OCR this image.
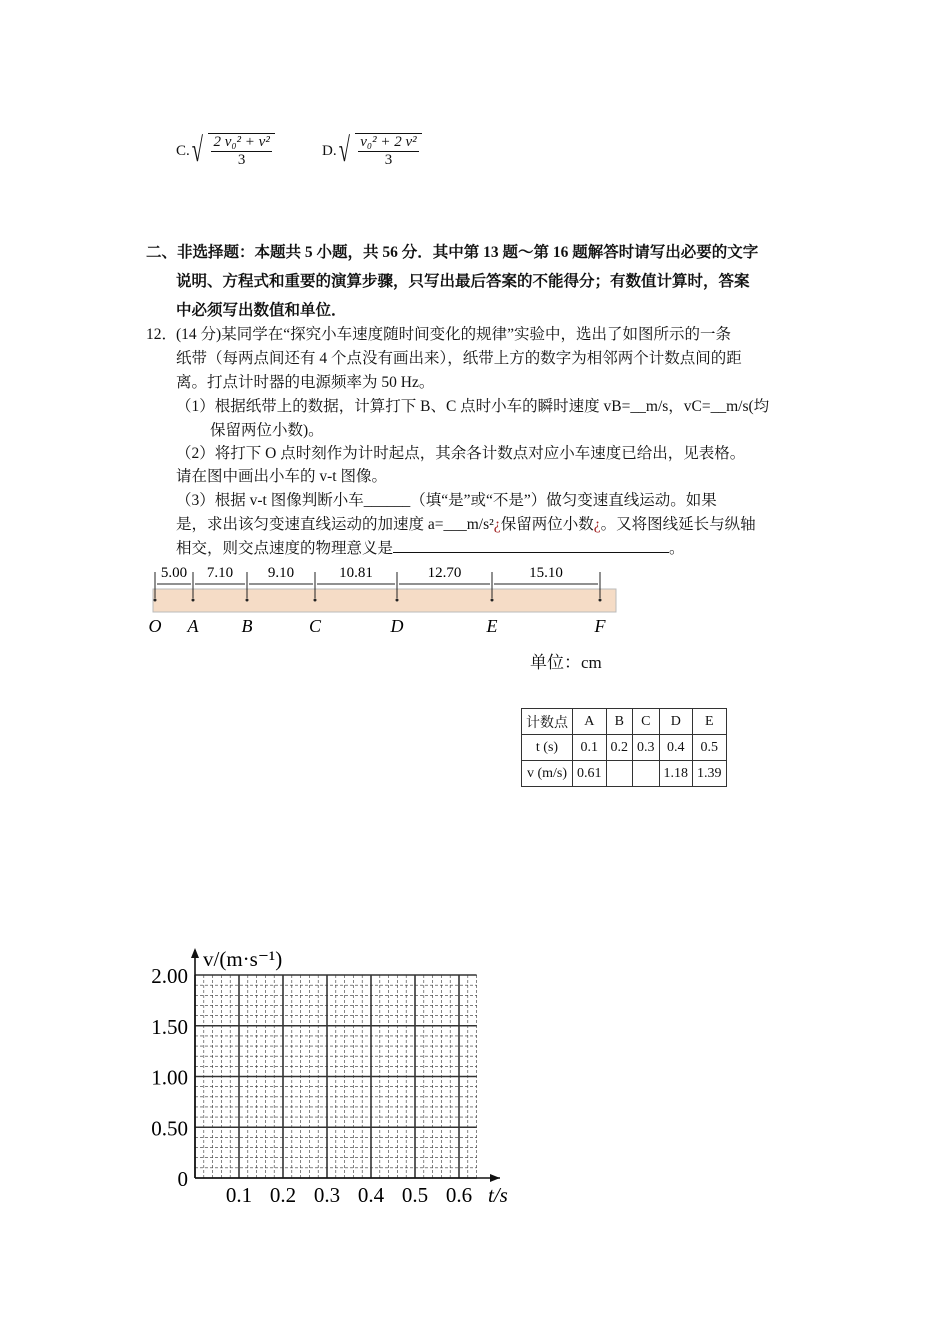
C. √ $\frac{\text{2 v₀² + v²}}{3}$	D. √ $\frac{\text{v₀² + 2 v²}}{3}$
二、非选择题：本题共 5 小题，共 56 分．其中第 13 题～第 16 题解答时请写出必要的文字
说明、方程式和重要的演算步骤，只写出最后答案的不能得分；有数值计算时，答案
中必须写出数值和单位．
12．
(14 分)某同学在“探究小车速度随时间变化的规律”实验中，选出了如图所示的一条
纸带（每两点间还有 4 个点没有画出来），纸带上方的数字为相邻两个计数点间的距
离。打点计时器的电源频率为 50 Hz。
（1）根据纸带上的数据，计算打下 B、C 点时小车的瞬时速度 vB=__m/s，vC=__m/s(均
保留两位小数)。
（2）将打下 O 点时刻作为计时起点，其余各计数点对应小车速度已给出，见表格。
请在图中画出小车的 v-t 图像。
（3）根据 v-t 图像判断小车______（填“是”或“不是”）做匀变速直线运动。如果
是，求出该匀变速直线运动的加速度 a=___m/s²¿保留两位小数¿。又将图线延长与纵轴
相交，则交点速度的物理意义是	。
O
5.00
A
7.10
B
9.10
C
10.81
D
12.70
E
15.10
F
单位：cm
计数点	A	B	C	D	E
t (s)	0.1	0.2	0.3	0.4	0.5
v (m/s)	0.61			1.18	1.39
0
0.50
1.00
1.50
2.00
0.1 0.2 0.3 0.4 0.5 0.6
v/(m·s⁻¹)
t/s
